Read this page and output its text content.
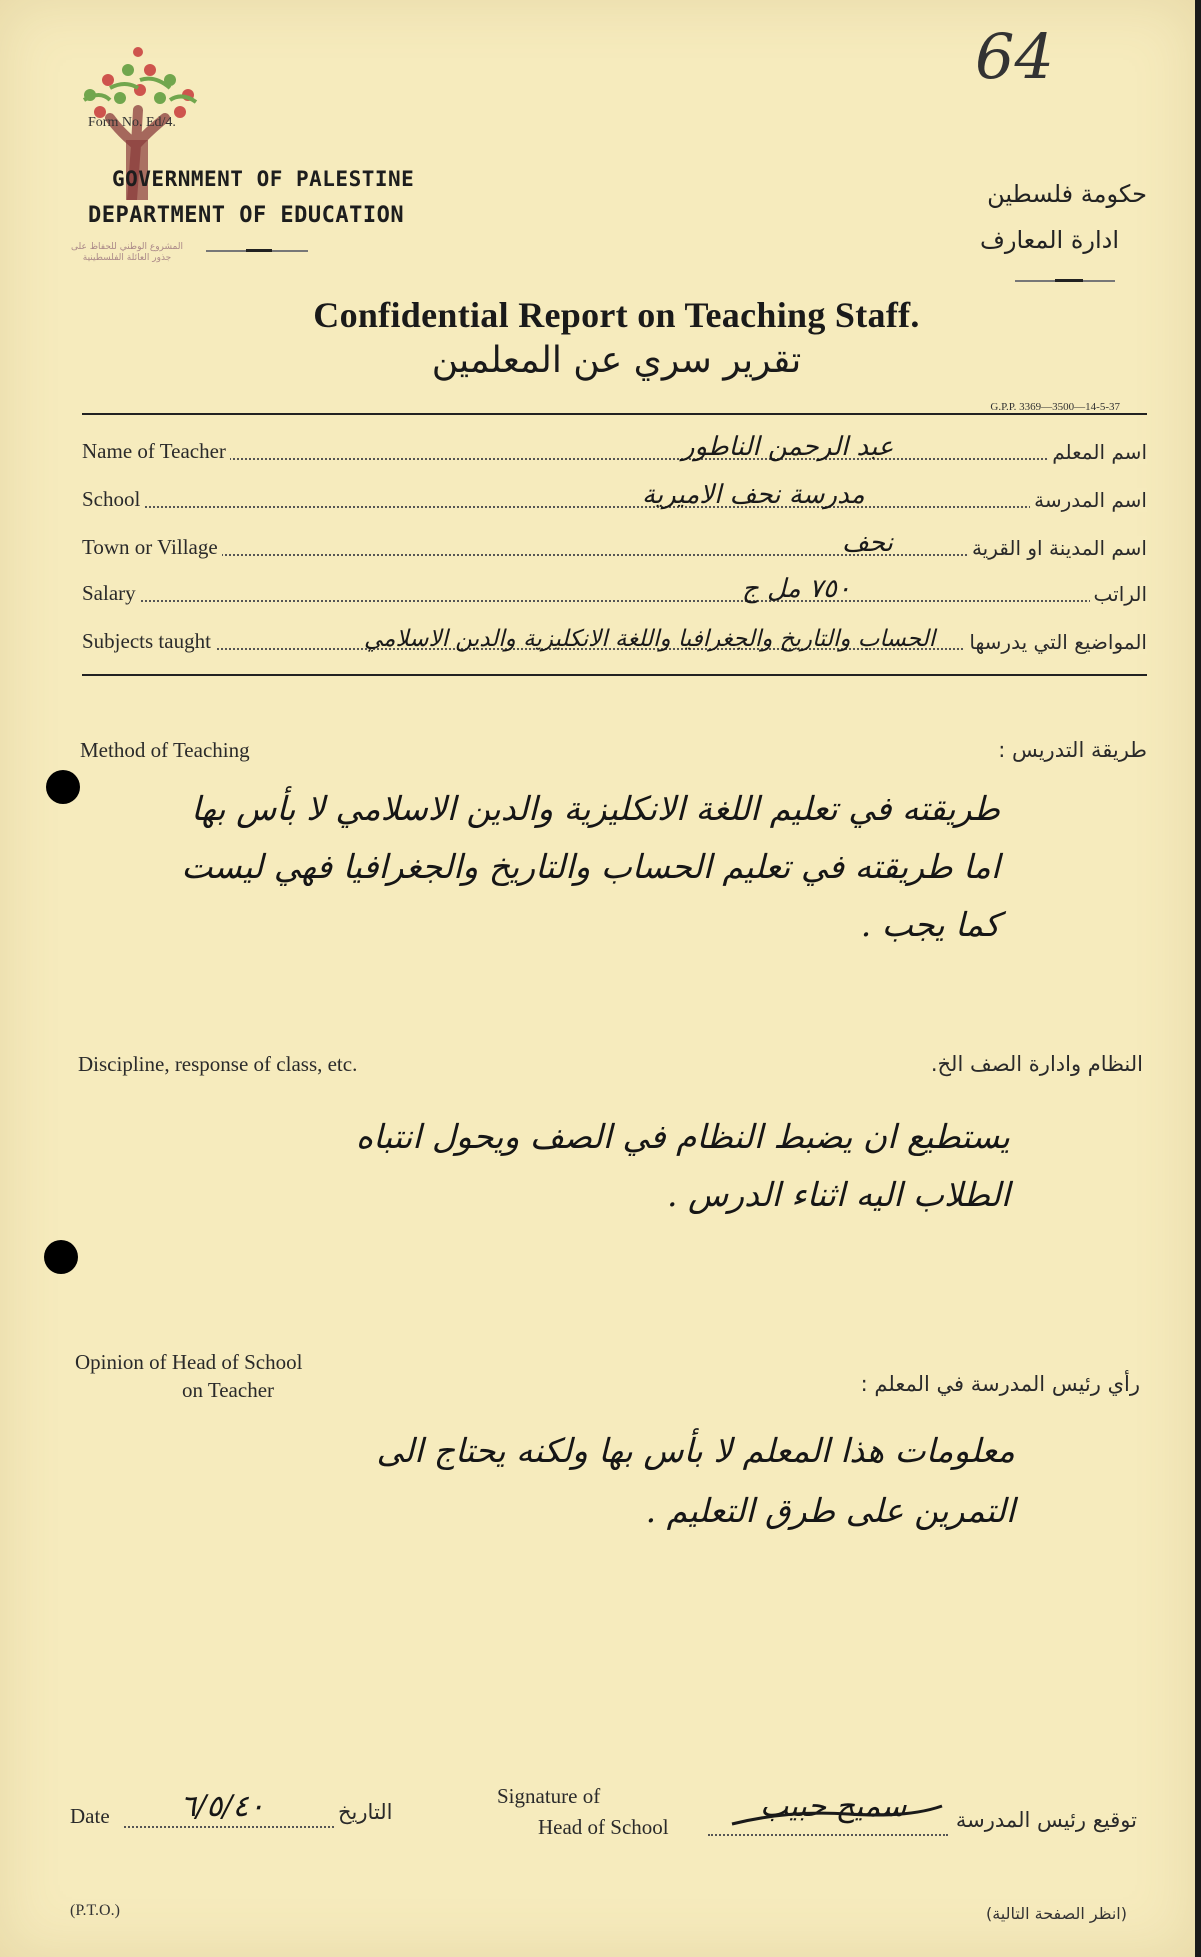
64
Form No. Ed/4.
المشروع الوطني للحفاظ على جذور العائلة الفلسطينية
GOVERNMENT OF PALESTINE
DEPARTMENT OF EDUCATION
حكومة فلسطين
ادارة المعارف
Confidential Report on Teaching Staff.
تقرير سري عن المعلمين
G.P.P. 3369—3500—14-5-37
Name of Teacher	اسم المعلم
عبد الرحمن الناطور
School	اسم المدرسة
مدرسة نحف الاميرية
Town or Village	اسم المدينة او القرية
نحف
Salary	الراتب
٧٥٠ مل ج
Subjects taught	المواضيع التي يدرسها
الحساب والتاريخ والجغرافيا واللغة الانكليزية والدين الاسلامي
Method of Teaching	طريقة التدريس :
طريقته في تعليم اللغة الانكليزية والدين الاسلامي لا بأس بها
اما طريقته في تعليم الحساب والتاريخ والجغرافيا فهي ليست
كما يجب .
Discipline, response of class, etc.	النظام وادارة الصف الخ.
يستطيع ان يضبط النظام في الصف ويحول انتباه
الطلاب اليه اثناء الدرس .
Opinion of Head of School
on Teacher	رأي رئيس المدرسة في المعلم :
معلومات هذا المعلم لا بأس بها ولكنه يحتاج الى
التمرين على طرق التعليم .
Date ٦/٥/٤٠	التاريخ
Signature of
Head of School
سميح حبيب توقيع رئيس المدرسة
(P.T.O.)	(انظر الصفحة التالية)
